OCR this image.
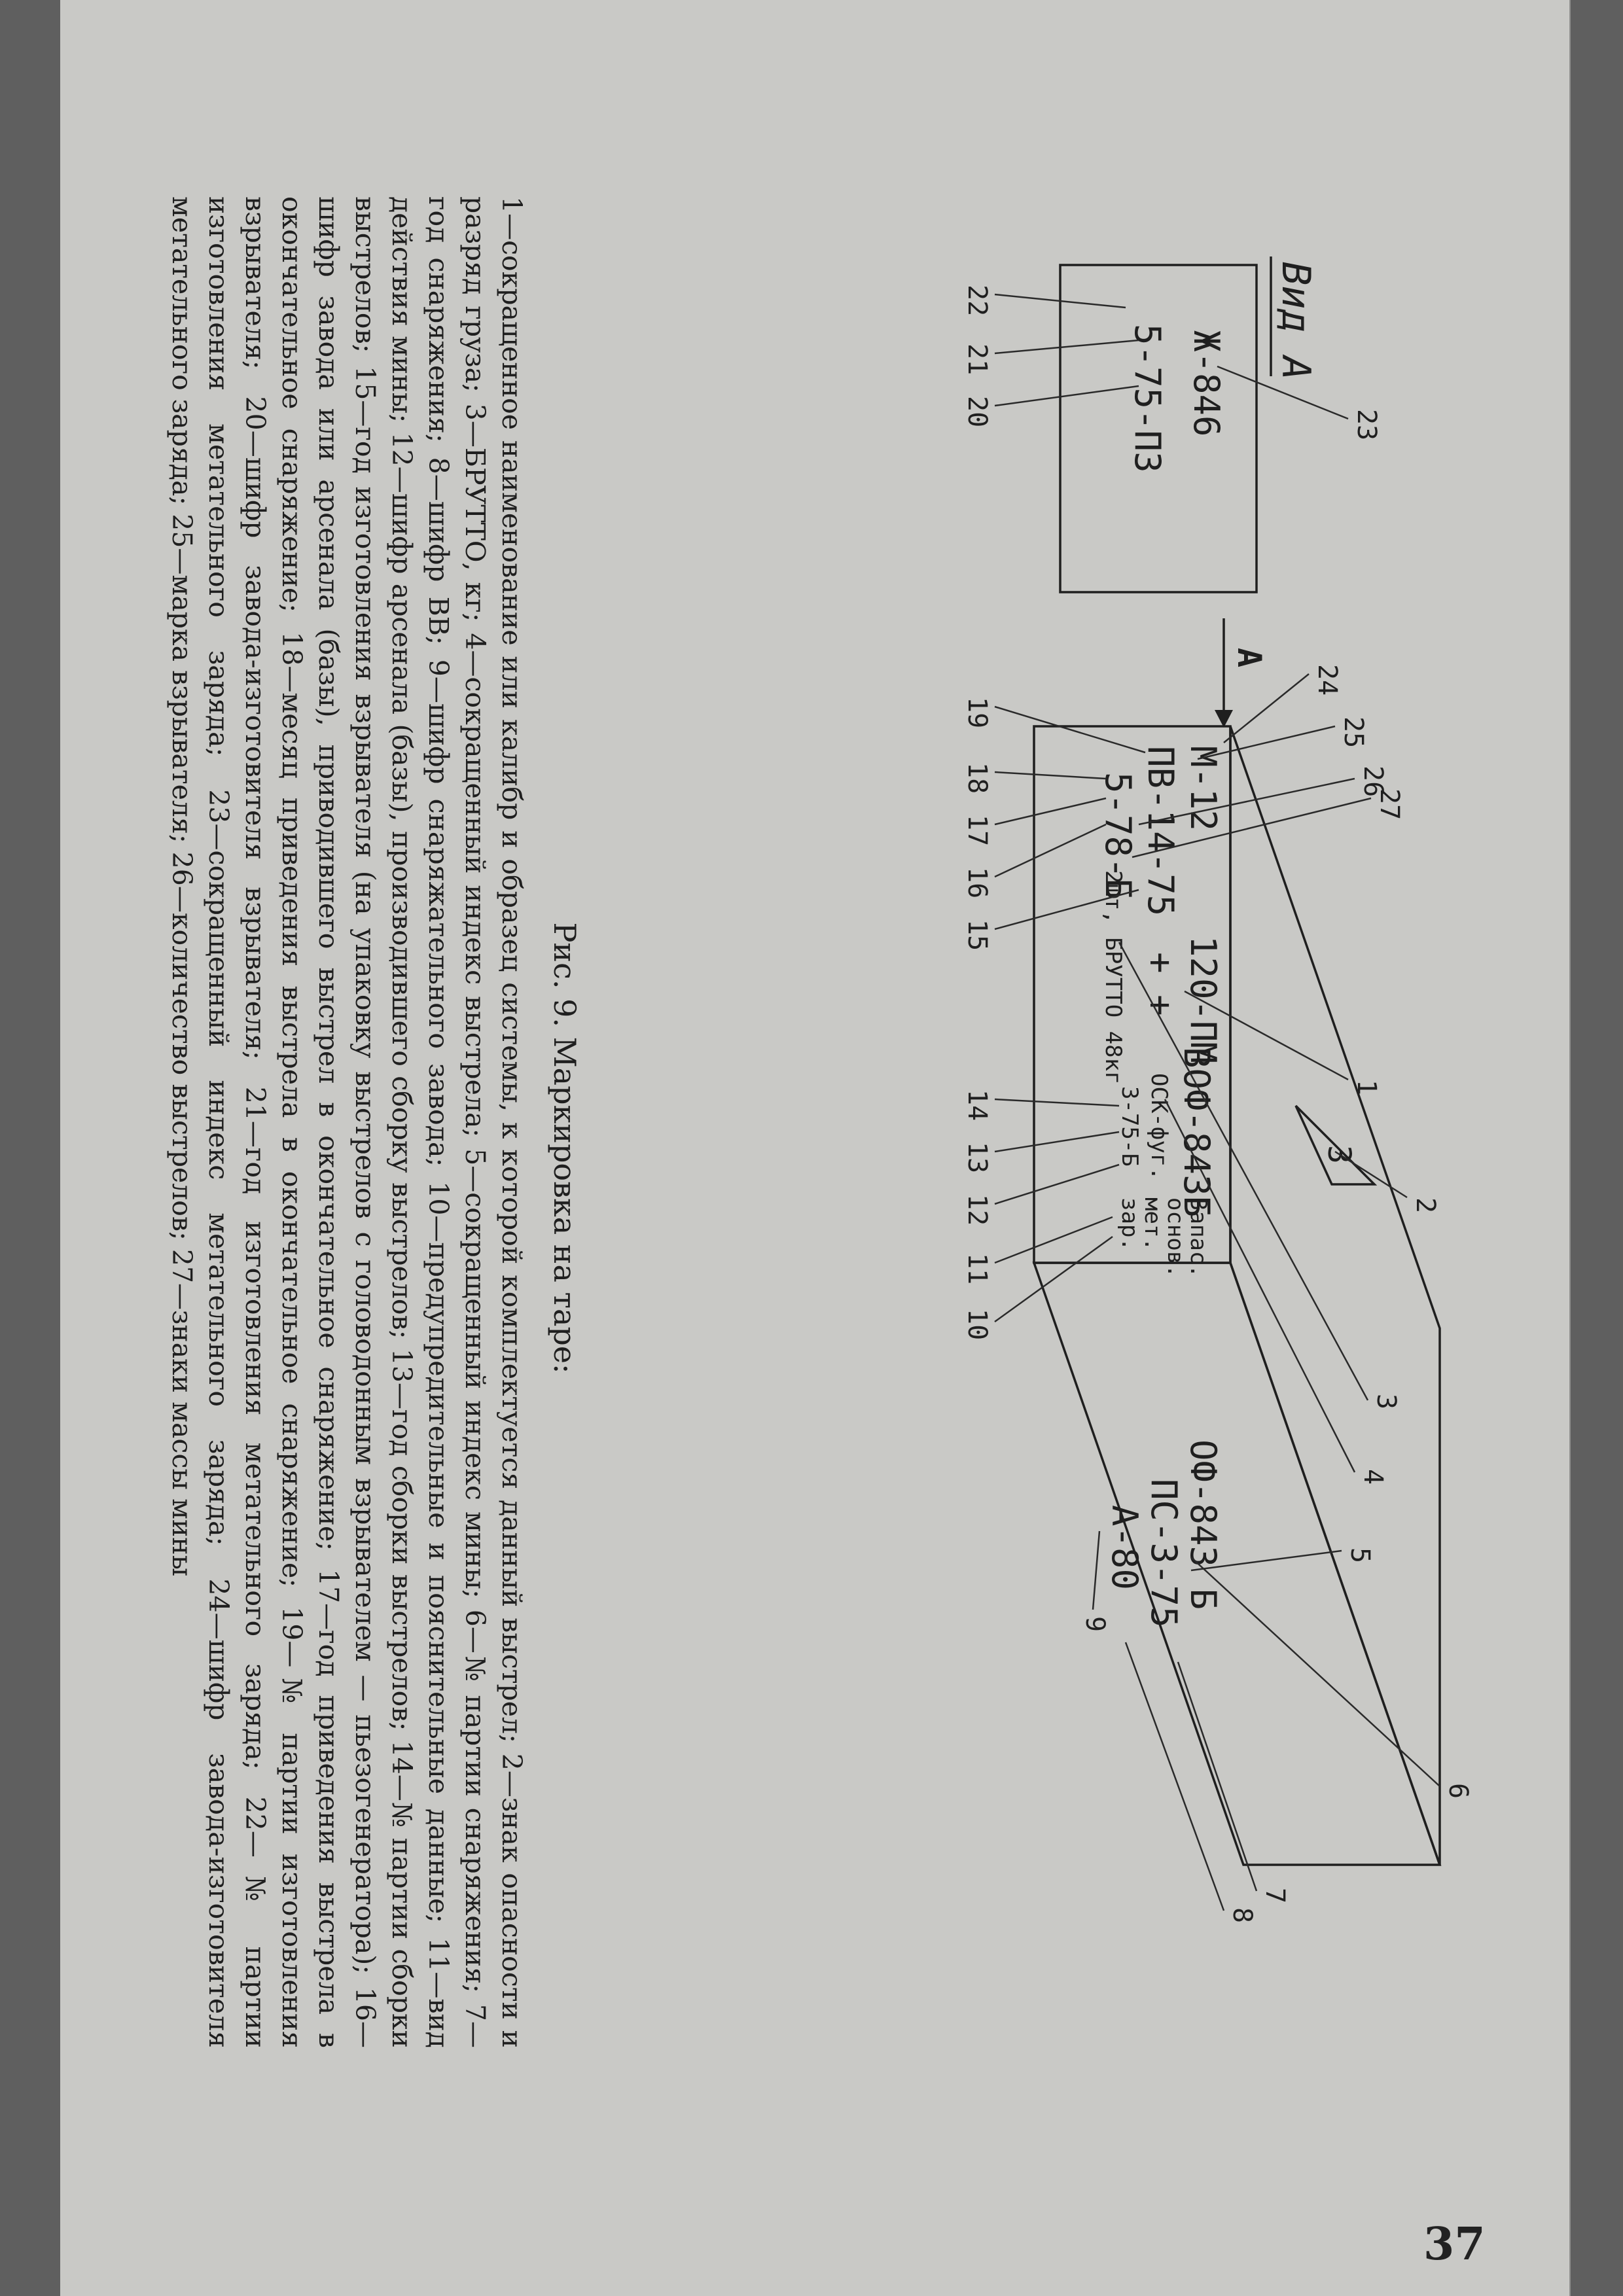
Вид А
Ж-846
5-75-ПЗ
А
3
М-12
ПВ-14-75
5-78-Б
120-ПМ
+ +
2шт, БРУТТО 48кг
ВОФ-843Б
ОСК-фуг.
3-75-Б
Запас.
основ.
мет.
зар.
ОФ-843 Б
ПС-3-75
А-80
1
2
3
4
5
6
7
8
9
23
24
25
26
27
10
11
12
13
14
15
16
17
18
19
20
21
22
Рис. 9. Маркировка на таре:
1—сокращенное наименование или калибр и образец системы, к которой комплектуется данный выстрел; 2—знак опасности и разряд груза; 3—БРУТТО, кг; 4—сокращенный индекс выстрела; 5—сокращенный индекс мины; 6—№ партии снаряжения; 7—год снаряжения; 8—шифр ВВ; 9—шифр снаряжательного завода; 10—предупредительные и пояснительные данные; 11—вид действия мины; 12—шифр арсенала (базы), производившего сборку выстрелов; 13—год сборки выстрелов; 14—№ партии сборки выстрелов; 15—год изготовления взрывателя (на упаковку выстрелов с головодонным взрывателем — пьезогенератора); 16—шифр завода или арсенала (базы), приводившего выстрел в окончательное снаряжение; 17—год приведения выстрела в окончательное снаряжение; 18—месяц приведения выстрела в окончательное снаряжение; 19—№ партии изготовления взрывателя; 20—шифр завода-изготовителя взрывателя; 21—год изготовления метательного заряда; 22—№ партии изготовления метательного заряда; 23—сокращенный индекс метательного заряда; 24—шифр завода-изготовителя метательного заряда; 25—марка взрывателя; 26—количество выстрелов; 27—знаки массы мины
37
